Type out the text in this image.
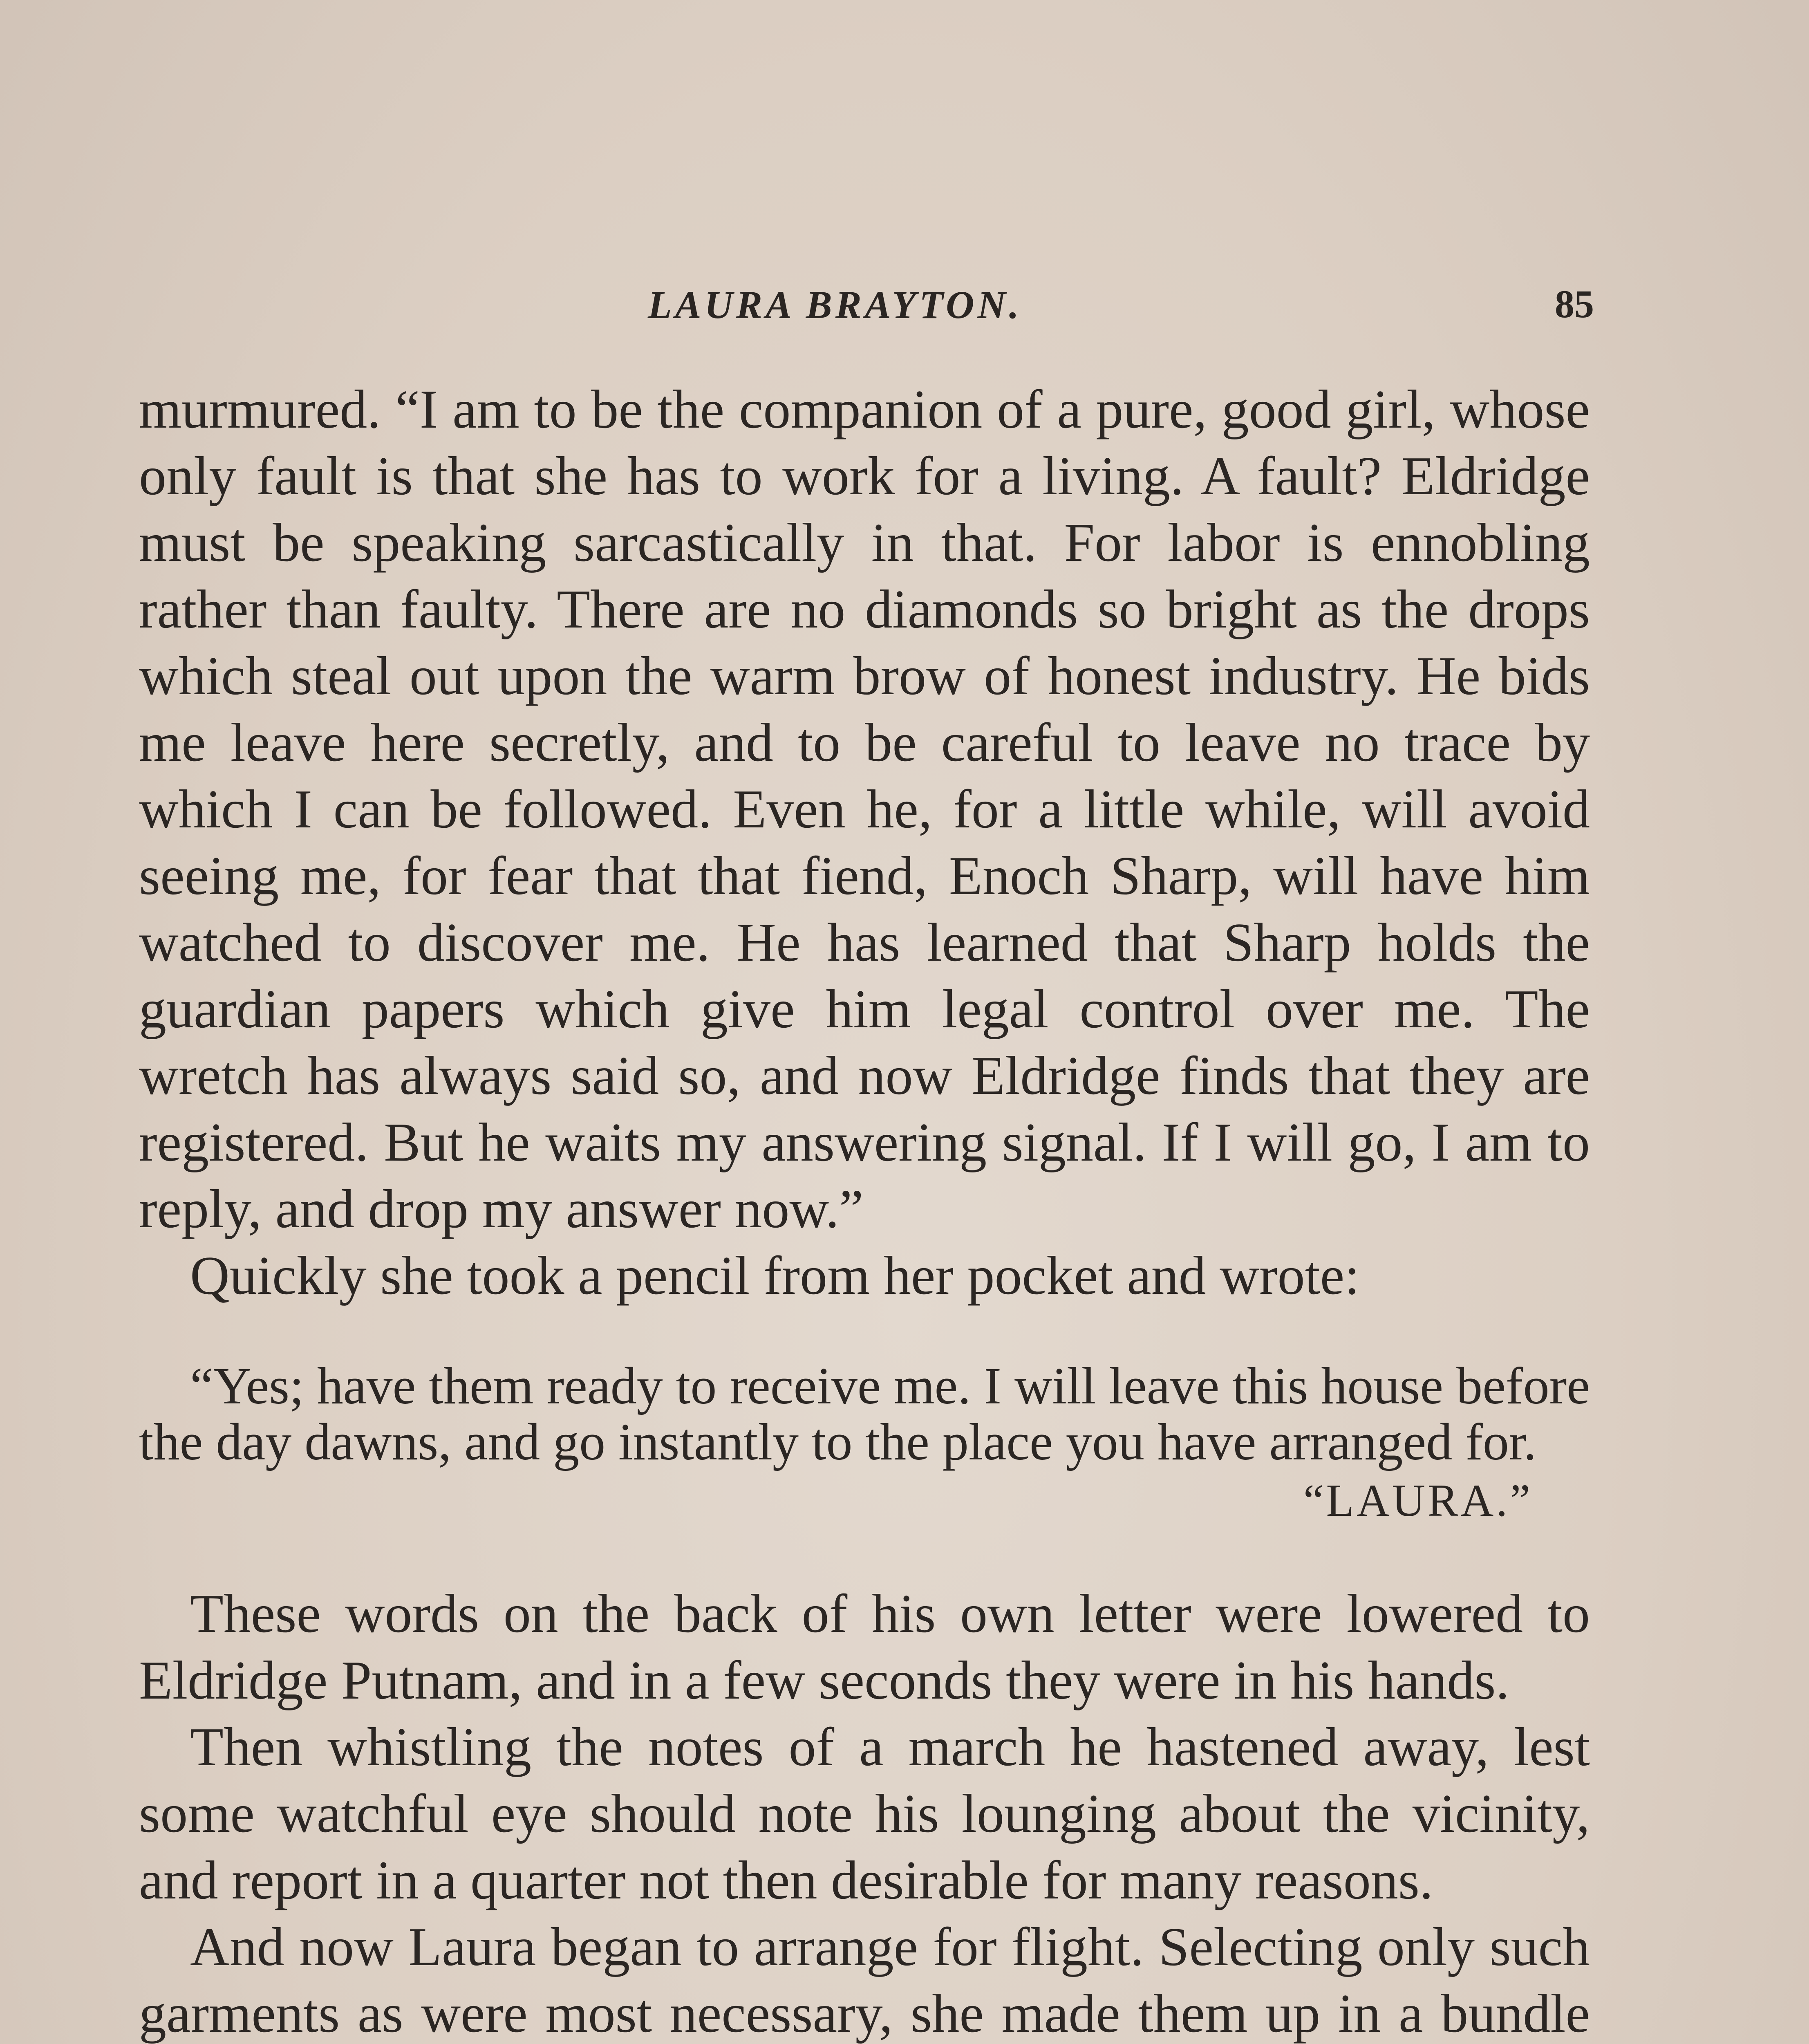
LAURA BRAYTON.	85

murmured. “I am to be the companion of a pure, good girl, whose only fault is that she has to work for a living. A fault? Eldridge must be speaking sarcastically in that. For labor is ennobling rather than faulty. There are no diamonds so bright as the drops which steal out upon the warm brow of honest industry. He bids me leave here secretly, and to be careful to leave no trace by which I can be followed. Even he, for a little while, will avoid seeing me, for fear that that fiend, Enoch Sharp, will have him watched to discover me. He has learned that Sharp holds the guardian papers which give him legal control over me. The wretch has always said so, and now Eldridge finds that they are registered. But he waits my answering signal. If I will go, I am to reply, and drop my answer now.”

Quickly she took a pencil from her pocket and wrote:

“Yes; have them ready to receive me. I will leave this house before the day dawns, and go instantly to the place you have arranged for.

“LAURA.”

These words on the back of his own letter were lowered to Eldridge Putnam, and in a few seconds they were in his hands.

Then whistling the notes of a march he hastened away, lest some watchful eye should note his lounging about the vicinity, and report in a quarter not then desirable for many reasons.

And now Laura began to arrange for flight. Selecting only such garments as were most necessary, she made them up in a bundle
